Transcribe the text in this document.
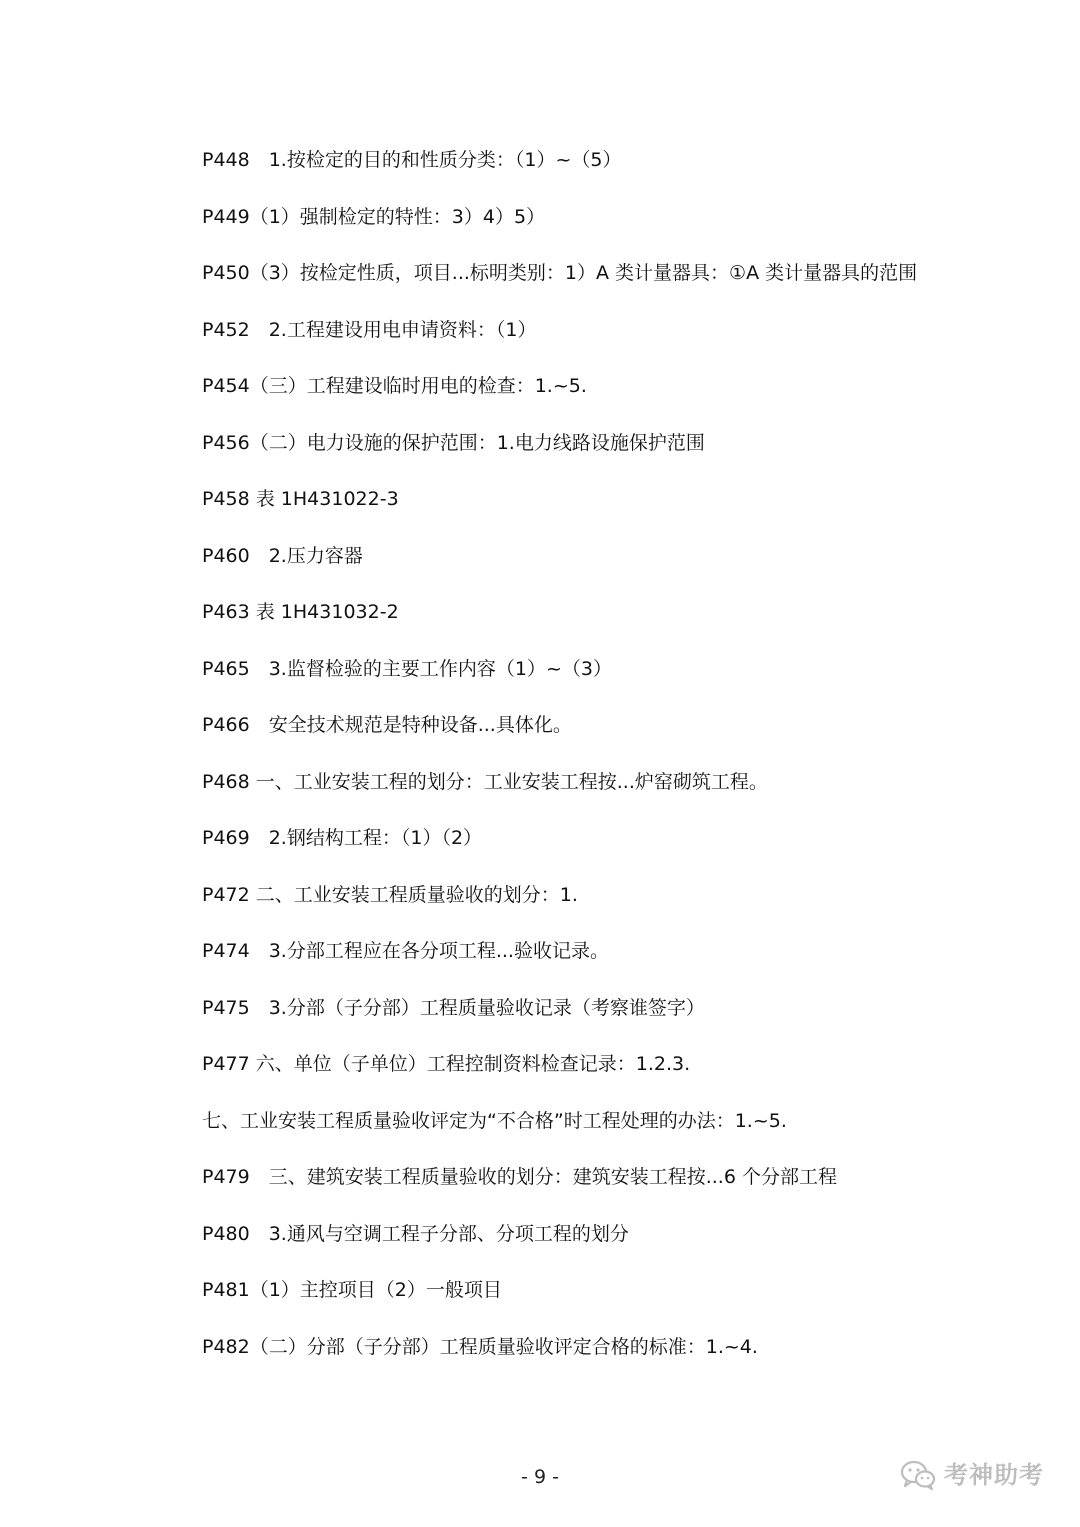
P448　1.按检定的目的和性质分类：（1）~（5）
P449（1）强制检定的特性：3）4）5）
P450（3）按检定性质，项目...标明类别：1）A 类计量器具：①A 类计量器具的范围
P452　2.工程建设用电申请资料：（1）
P454（三）工程建设临时用电的检查：1.~5.
P456（二）电力设施的保护范围：1.电力线路设施保护范围
P458 表 1H431022-3
P460　2.压力容器
P463 表 1H431032-2
P465　3.监督检验的主要工作内容（1）~（3）
P466　安全技术规范是特种设备...具体化。
P468 一、工业安装工程的划分：工业安装工程按...炉窑砌筑工程。
P469　2.钢结构工程：（1）（2）
P472 二、工业安装工程质量验收的划分：1.
P474　3.分部工程应在各分项工程...验收记录。
P475　3.分部（子分部）工程质量验收记录（考察谁签字）
P477 六、单位（子单位）工程控制资料检查记录：1.2.3.
七、工业安装工程质量验收评定为“不合格”时工程处理的办法：1.~5.
P479　三、建筑安装工程质量验收的划分：建筑安装工程按...6 个分部工程
P480　3.通风与空调工程子分部、分项工程的划分
P481（1）主控项目（2）一般项目
P482（二）分部（子分部）工程质量验收评定合格的标准：1.~4.
- 9 -	考神助考
